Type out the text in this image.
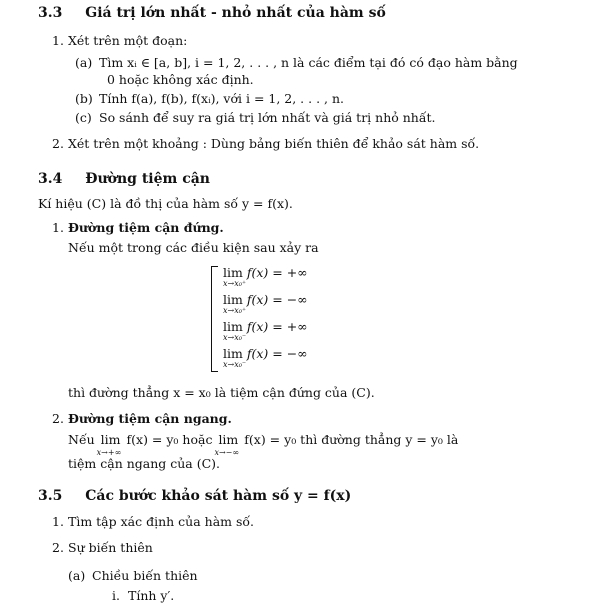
3.3 Giá trị lớn nhất - nhỏ nhất của hàm số
1. Xét trên một đoạn:
(a) Tìm xᵢ ∈ [a, b], i = 1, 2, . . . , n là các điểm tại đó có đạo hàm bằng
0 hoặc không xác định.
(b) Tính f(a), f(b), f(xᵢ), với i = 1, 2, . . . , n.
(c) So sánh để suy ra giá trị lớn nhất và giá trị nhỏ nhất.
2. Xét trên một khoảng : Dùng bảng biến thiên để khảo sát hàm số.
3.4 Đường tiệm cận
Kí hiệu (C) là đồ thị của hàm số y = f(x).
1. Đường tiệm cận đứng.
Nếu một trong các điều kiện sau xảy ra
lim
x→x₀⁺
f(x) = +∞
lim
x→x₀⁺
f(x) = −∞
lim
x→x₀⁻
f(x) = +∞
lim
x→x₀⁻
f(x) = −∞
thì đường thẳng x = x₀ là tiệm cận đứng của (C).
2. Đường tiệm cận ngang.
Nếu lim
x→+∞
f(x) = y₀ hoặc lim
x→−∞
f(x) = y₀ thì đường thẳng y = y₀ là
tiệm cận ngang của (C).
3.5 Các bước khảo sát hàm số y = f(x)
1. Tìm tập xác định của hàm số.
2. Sự biến thiên
(a) Chiều biến thiên
i. Tính y′.
